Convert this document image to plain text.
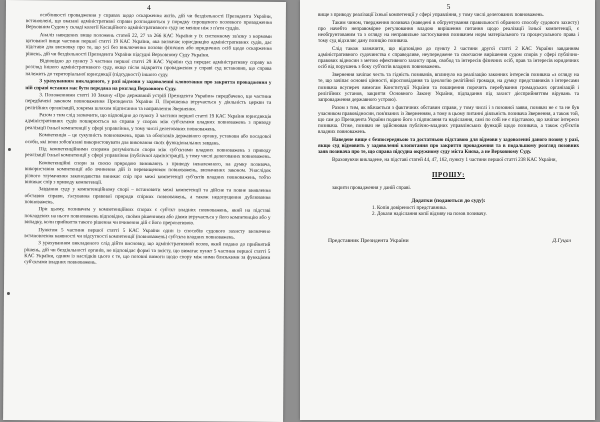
4

особливості провадження у справах щодо оскарження актів, дій чи бездіяльності Президента України, встановлені, що вказані адміністративні справи розглядаються у порядку спрощеного позовного провадження Верховним Судом у складі колегії Касаційного адміністративного суду не менше ніж з п'яти суддів.

Аналіз наведених вище положень статей 22, 27 та 266 КАС України у їх системному зв'язку з нормами цитованої вище частини першої статті 19 КАС України, яка визначає юрисдикцію адміністративних судів, дає підстави для висновку про те, що усі без виключення позови фізичних або юридичних осіб щодо оскарження рішень, дій чи бездіяльності Президента України підсудні Верховному Суду України.

Відповідно до пункту 3 частини першої статті 29 КАС України суд передає адміністративну справу на розгляд іншого адміністративного суду, якщо після відкриття провадження у справі суд встановив, що справа належить до територіальної юрисдикції (підсудності) іншого суду.

З урахуванням викладеного, у разі відмови у задоволенні клопотання про закриття провадження у ній справі остання має бути передана на розгляд Верховного Суду.

3. Положеннями статті 10 Закону «Про державний устрій Президента України» передбачено, що частини передбачені законом повноваження Президента України П. Порошенка втручається у діяльність церкви та релігійних організацій, зокрема шляхом підписання та направлення Звернення.

Разом з тим слід зазначити, що відповідно до пункту 3 частини першої статті 19 КАС України юрисдикція адміністративних судів поширюється на справи у спорах між суб'єктами владних повноважень з приводу реалізації їхньої компетенції у сфері управління, у тому числі делегованих повноважень.

Компетенція – це сукупність повноважень, прав та обов'язків державного органу, установи або посадової особи, які вони зобов'язані використовувати для виконання своїх функціональних завдань.

Під компетенційними спорами розуміються спори між суб'єктами владних повноважень з приводу реалізації їхньої компетенції у сфері управління (публічної адміністрації), у тому числі делегованих повноважень.

Компетенційні спори за своєю природою виникають з приводу неналежного, на думку позивача, використання компетенції або вчинення дій із перевищенням повноважень, визначених законом. Унаслідок різного тлумачення законодавства виникає спір про межі компетенції суб'єктів владних повноважень, тобто виникає спір з приводу компетенції.

Завдання суду у компетенційному спорі – встановити межі компетенції та дійсне та повне виявлення обставин справи, з'ясування правової природи спірних повноважень, а також недопущення дублювання повноважень.

При цьому, позивачем у компетенційних спорах є суб'єкт владних повноважень, який на підставі покладених на нього повноважень відповідно, своїми рішеннями або діями втручається у його компетенцію або у випадку, коли прийняття такого рішення чи вчинення дій є його прерогативою.

Пунктом 5 частини першої статті 5 КАС України один із способів судового захисту визначено встановлення наявності чи відсутності компетенції (повноважень) суб'єкта владних повноважень.

З урахуванням викладеного слід дійти висновку, що адміністративний позов, який подано до прийнятий рішень, дій чи бездіяльності органів, не відповідає формі та змісту, що вимагає пункт 5 частини першої статті 5 КАС України, одним із наслідків цього є те, що позовні вимоги щодо спору між ними близькими за функціями суб'єктами владних повноважень.

5

вище з приводу реалізації їхньої компетенції у сфері управління, у тому числі делегованих повноважень.

Таким чином, твердження позивача (наведені в обґрунтування правильності обраного способу судового захисту) про начебто неправомірне регулювання владою вирішення питання щодо реалізації їхньої компетенції, є необґрунтованим та з огляду на неправильне застосування позивачем норм матеріального та процесуального права і тому суд відхиляє дану позицію позивача.

Слід також зазначити, що відповідно до пункту 2 частини другої статті 2 КАС України завданням адміністративного судочинства є справедливе, неупереджене та своєчасне вирішення судом спорів у сфері публічно-правових відносин з метою ефективного захисту прав, свобод та інтересів фізичних осіб, прав та інтересів юридичних осіб від порушень з боку суб'єктів владних повноважень.

Звернення зачіпає честь та гідність позивачів, вплинуло на реалізацію законних інтересів позивача «з огляду на те, що зачіпає основні цінності, віросповідання та ідеологію релігійної громади, на думку представників з інтересами позивача всупереч вимогам Конституції України та поширення порочить перебування громадських організацій і релігійних установ, закриття Основного Закону України, підпадання під захист дієсприйняттям вірувань та запровадження державного устрою).

Разом з тим, як вбачається з фактичних обставин справи, у тому числі і з позовної заяви, позивач не є та не був учасником правовідносин, пов'язаних із Зверненням, а тому в цьому питанні діяльність позивача Звернення, а також той, що сам до Президента України подано його з підписання та надіслання, самі по собі не є підставою, що зачіпає інтереси позивача. Отже, позивач не здійснював публічно-владних управлінських функцій щодо позивача, а також суб'єктів владних повноважень.

Наведене вище є безпосередньою та достатньою підставою для відмови у задоволенні даного позову у разі, якщо суд відмовить у задоволенні клопотання про закриття провадження та в подальшому розгляд позовних заяв позивача про те, що справа підсудна окружному суду міста Києва, а не Верховному Суду.

Враховуючи викладене, на підставі статей 44, 47, 162, пункту 1 частини першої статті 238 КАС України,

ПРОШУ:

закрити провадження у даній справі.

Додатки (подаються до суду):
1. Копія довіреності представника.
2. Докази надіслання копії відзиву на позов позивачу.
Представник Президента України	Д.Гуцал
